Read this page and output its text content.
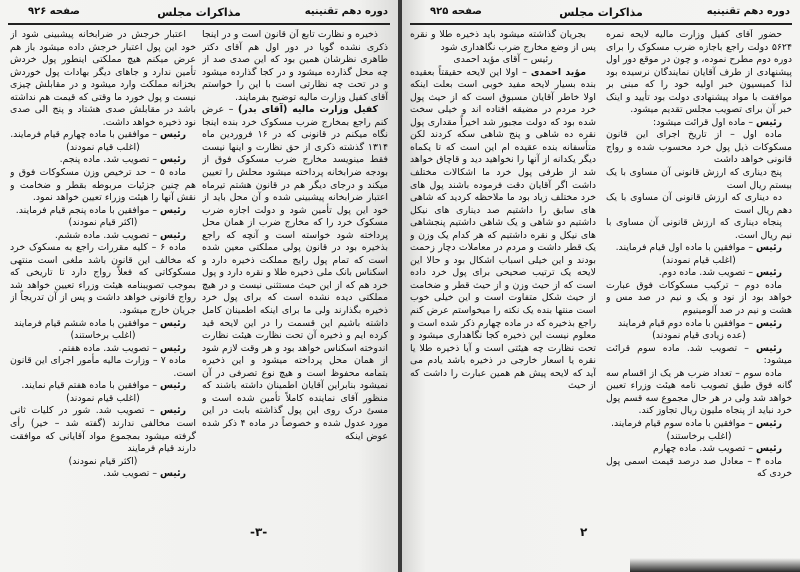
دوره دهم تقنینیه
مذاکرات مجلس
صفحه ۹۲۶

ذخیره و نظارت تابع آن قانون است و در اینجا ذکری نشده گویا در دور اول هم آقای دکتر طاهری نظرشان همین بود که این صدی صد از چه محل گذارده میشود و در کجا گذارده میشود و در تحت چه نظارتی است با این را خواستم آقای کفیل وزارت مالیه توضیح بفرمایند.

کفیل وزارت مالیه (آقای بدر) – عرض کنم راجع بمخارج ضرب مسکوک خرد بنده اینجا نگاه میکنم در قانونی که در ۱۶ فروردین ماه ۱۳۱۴ گذشته ذکری از حق نظارت و اینها نیست فقط مینویسد مخارج ضرب مسکوک فوق از بودجه ضرابخانه پرداخته میشود محلش را تعیین میکند و درجای دیگر هم در قانون هشتم تیرماه اعتبار ضرابخانه پیشبینی شده و آن محل باید از خود این پول تأمین شود و دولت اجازه ضرب مسکوک خرد را که مخارج ضرب از همان محل پرداخته شود خواسته است و آنچه که راجع بذخیره بود در قانون پولی مملکتی معین شده است که تمام پول رایج مملکت ذخیره دارد و اسکناس بانک ملی ذخیره طلا و نقره دارد و پول خرد هم که از این حیث مستثنی نیست و در هیچ مملکتی دیده نشده است که برای پول خرد ذخیره بگذارند ولی ما برای اینکه اطمینان کامل داشته باشیم این قسمت را در این لایحه قید کرده ایم و ذخیره آن تحت نظارت هیئت نظارت اندوخته اسکناس خواهد بود و هر وقت لازم شود از همان محل پرداخته میشود و این ذخیره بتمامه محفوظ است و هیچ نوع تصرفی در آن نمیشود بنابراین آقایان اطمینان داشته باشند که منظور آقای نماینده کاملاً تأمین شده است و مسئ درک روی این پول گذاشته بابت در این مورد عدول شده و خصوصاً در ماده ۴ ذکر شده عوض اینکه

اعتبار خرجش در ضرابخانه پیشبینی شود از خود این پول اعتبار خرجش داده میشود باز هم عرض میکنم هیچ مملکتی اینطور پول خردش تأمین ندارد و جاهای دیگر بهادات پول خوردش بخزانه مملکت وارد میشود و در مقابلش چیزی نیست و پول خورد ما وقتی که قیمت هم نداشته باشد در مقابلش صدی هشتاد و پنج الی صدی نود ذخیره خواهد داشت.

رئیس – موافقین با ماده چهارم قیام فرمایند.

(اغلب قیام نمودند)

رئیس – تصویب شد. ماده پنجم.

ماده ۵ – حد ترخیص وزن مسکوکات فوق و هم چنین جزئیات مربوطه بقطر و ضخامت و نقش آنها را هیئت وزراء تعیین خواهد نمود.

رئیس – موافقین با ماده پنجم قیام فرمایند.

(اکثر قیام نمودند)

رئیس – تصویب شد. ماده ششم.

ماده ۶ – کلیه مقررات راجع به مسکوک خرد که مخالف این قانون باشد ملغی است منتهی مسکوکاتی که فعلاً رواج دارد تا تاریخی که بموجب تصویبنامه هیئت وزراء تعیین خواهد شد رواج قانونی خواهد داشت و پس از آن تدریجاً از جریان خارج میشود.

رئیس – موافقین با ماده ششم قیام فرمایند

(اغلب برخاستند)

رئیس – تصویب شد. ماده هفتم.

ماده ۷ – وزارت مالیه مأمور اجرای این قانون است.

رئیس – موافقین با ماده هفتم قیام نمایند.

(اغلب قیام نمودند)

رئیس – تصویب شد. شور در کلیات ثانی است مخالفی ندارند (گفته شد – خیر) رأی گرفته میشود بمجموع مواد آقایانی که موافقت دارند قیام فرمایند

(اکثر قیام نمودند)

رئیس – تصویب شد.

-۳-
دوره دهم تقنینیه
مذاکرات مجلس
صفحه ۹۲۵

حضور آقای کفیل وزارت مالیه لایحه نمره ۵۶۲۴ دولت راجع باجازه ضرب مسکوک را برای دوره دوم مطرح نموده، و چون در موقع دور اول پیشنهادی از طرف آقایان نمایندگان نرسیده بود لذا کمیسیون خبر اولیه خود را که مبنی بر موافقت با مواد پیشنهادی دولت بود تأیید و اینک خبر آن برای تصویب مجلس تقدیم میشود.

رئیس – ماده اول قرائت میشود:

ماده اول – از تاریخ اجرای این قانون مسکوکات ذیل پول خرد محسوب شده و رواج قانونی خواهد داشت

پنج دیناری که ارزش قانونی آن مساوی با یک بیستم ریال است

ده دیناری که ارزش قانونی آن مساوی با یک دهم ریال است

پنجاه دیناری که ارزش قانونی آن مساوی با نیم ریال است.

رئیس – موافقین با ماده اول قیام فرمایند.

(اغلب قیام نمودند)

رئیس – تصویب شد. ماده دوم.

ماده دوم – ترکیب مسکوکات فوق عبارت خواهد بود از نود و یک و نیم در صد مس و هشت و نیم در صد آلومینیوم

رئیس – موافقین با ماده دوم قیام فرمایند

(عده زیادی قیام نمودند)

رئیس – تصویب شد. ماده سوم قرائت میشود:

ماده سوم – تعداد ضرب هر یک از اقسام سه گانه فوق طبق تصویب نامه هیئت وزراء تعیین خواهد شد ولی در هر حال مجموع سه قسم پول خرد نباید از پنجاه ملیون ریال تجاوز کند.

رئیس – موافقین با ماده سوم قیام فرمایند.

(اغلب برخاستند)

رئیس – تصویب شد. ماده چهارم

ماده ۴ – معادل صد درصد قیمت اسمی پول خردی که

بجریان گذاشته میشود باید ذخیره طلا و نقره پس از وضع مخارج ضرب نگاهداری شود

رئیس – آقای مؤید احمدی

مؤید احمدی – اولا این لایحه حقیقتاً بعقیده بنده بسیار لایحه مفید خوبی است بعلت اینکه اولا خاطر آقایان مسبوق است که از حیث پول خرد مردم در مضیقه افتاده اند و خیلی سخت شده بود که دولت مجبور شد اخیراً مقداری پول نقره ده شاهی و پنج شاهی سکه کردند لکن متأسفانه بنده عقیده ام این است که تا یکماه دیگر یکدانه از آنها را نخواهید دید و قاچاق خواهد شد از طرفی پول خرد ما اشکالات مختلف داشت اگر آقایان دقت فرموده باشند پول های خرد مختلف زیاد بود ما ملاحظه کردید که شاهی های سابق را داشتیم صد دیناری های نیکل داشتیم دو شاهی و یک شاهی داشتیم پنجشاهی های نیکل و نقره داشتیم که هر کدام یک وزن و یک قطر داشت و مردم در معاملات دچار زحمت بودند و این خیلی اسباب اشکال بود و حالا این لایحه یک ترتیب صحیحی برای پول خرد داده است که از حیث وزن و از حیث قطر و ضخامت از حیث شکل متفاوت است و این خیلی خوب است منتها بنده یک نکته را میخواستم عرض کنم راجع بذخیره که در ماده چهارم ذکر شده است و معلوم نیست این ذخیره کجا نگاهداری میشود و تحت نظارت چه هیئتی است و آیا ذخیره طلا یا نقره یا اسعار خارجی در ذخیره باشد یادم می آید که لایحه پیش هم همین عبارت را داشت که از حیث

۲
